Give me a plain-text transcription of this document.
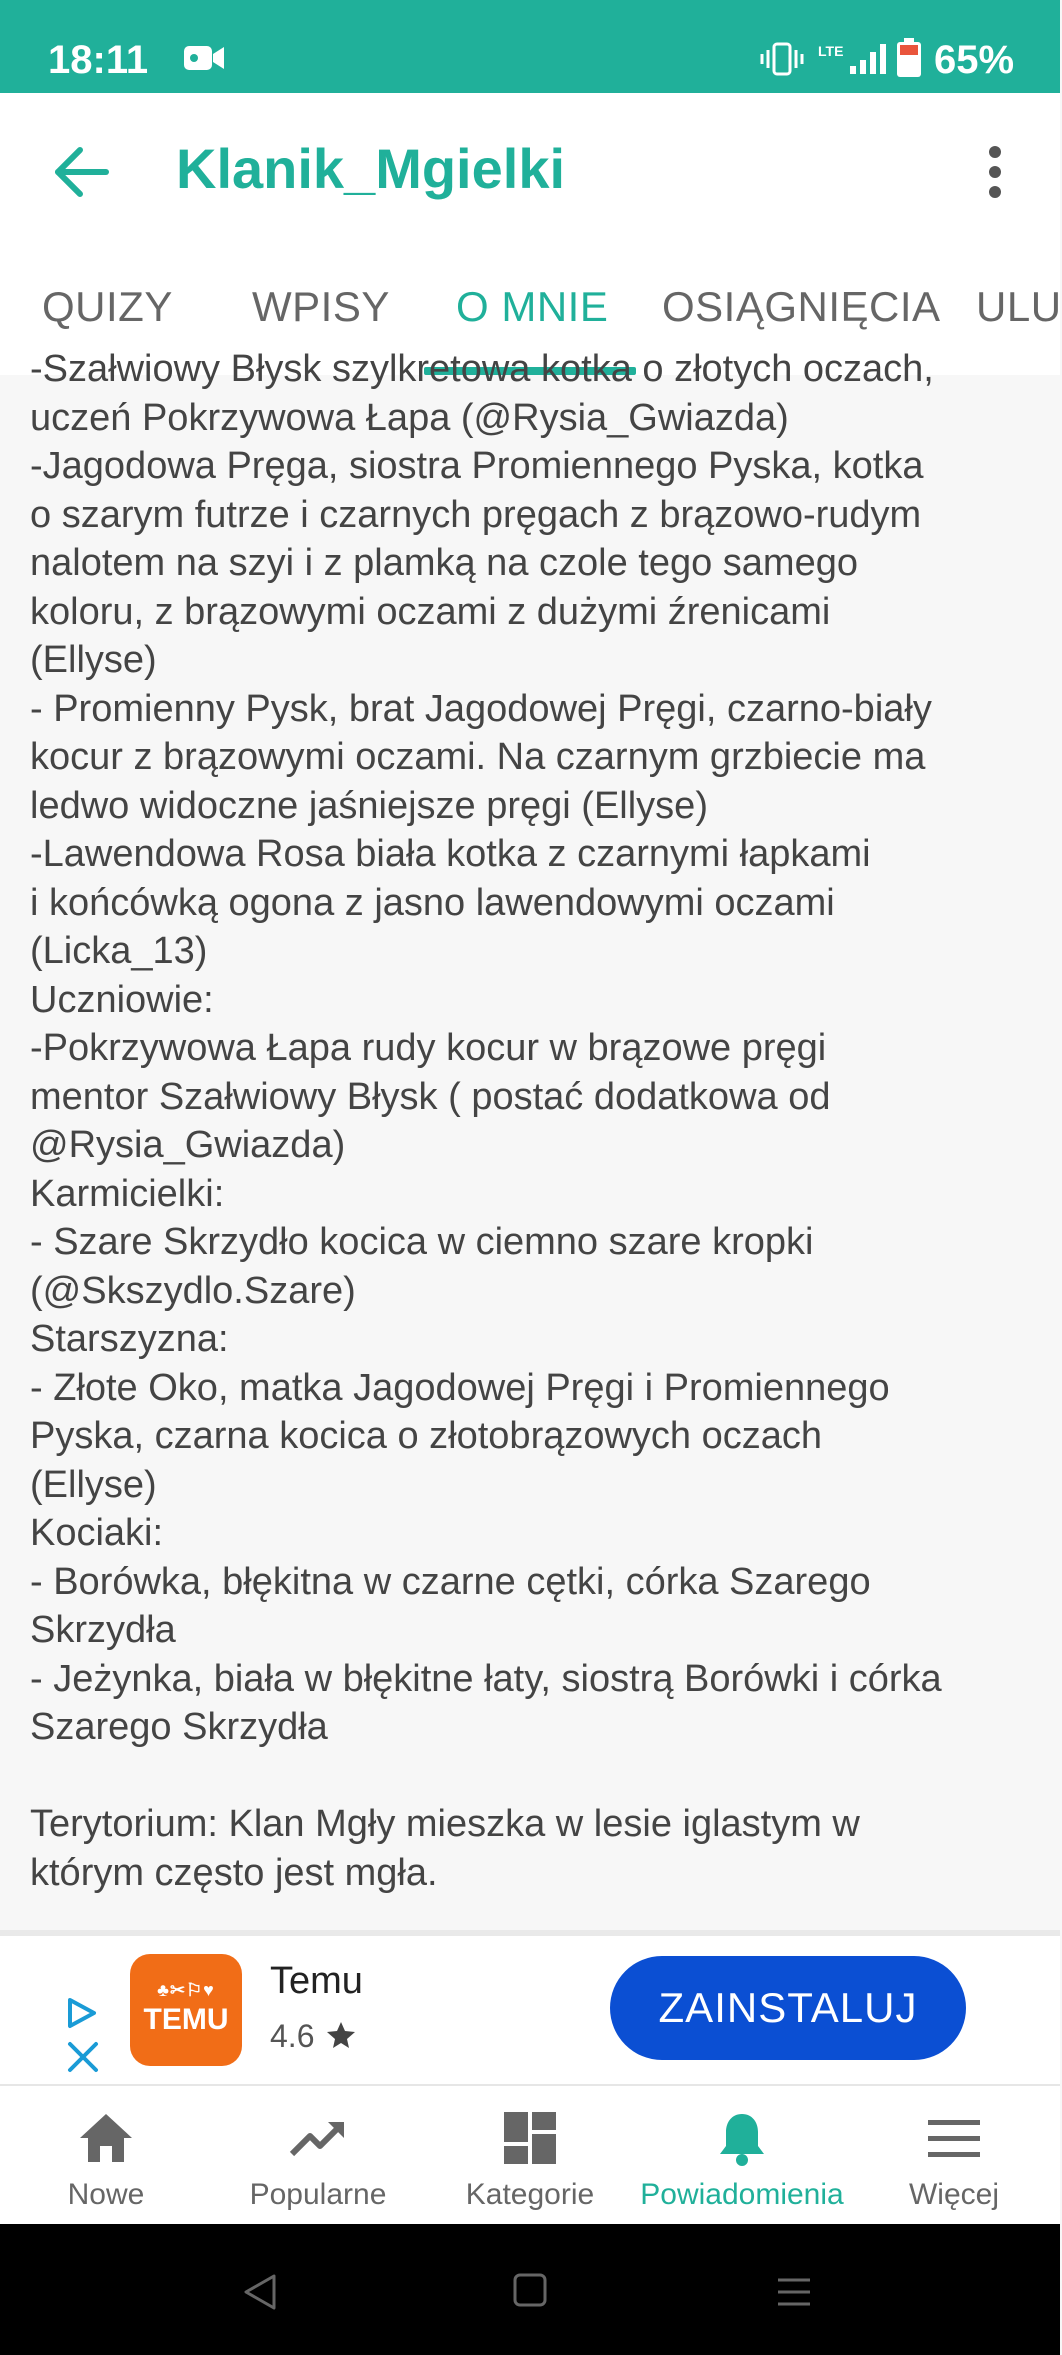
18:11	LTE 65%
Klanik_Mgielki
QUIZY WPISY O MNIE OSIĄGNIĘCIA ULU
-Szałwiowy Błysk szylkretowa kotka o złotych oczach,
uczeń Pokrzywowa Łapa (@Rysia_Gwiazda)
-Jagodowa Pręga, siostra Promiennego Pyska, kotka
o szarym futrze i czarnych pręgach z brązowo-rudym
nalotem na szyi i z plamką na czole tego samego
koloru, z brązowymi oczami z dużymi źrenicami
(Ellyse)
- Promienny Pysk, brat Jagodowej Pręgi, czarno-biały
kocur z brązowymi oczami. Na czarnym grzbiecie ma
ledwo widoczne jaśniejsze pręgi (Ellyse)
-Lawendowa Rosa biała kotka z czarnymi łapkami
i końcówką ogona z jasno lawendowymi oczami
(Licka_13)
Uczniowie:
-Pokrzywowa Łapa rudy kocur w brązowe pręgi
mentor Szałwiowy Błysk ( postać dodatkowa od
@Rysia_Gwiazda)
Karmicielki:
- Szare Skrzydło kocica w ciemno szare kropki
(@Skszydlo.Szare)
Starszyzna:
- Złote Oko, matka Jagodowej Pręgi i Promiennego
Pyska, czarna kocica o złotobrązowych oczach
(Ellyse)
Kociaki:
- Borówka, błękitna w czarne cętki, córka Szarego
Skrzydła
- Jeżynka, biała w błękitne łaty, siostrą Borówki i córka
Szarego Skrzydła
Terytorium: Klan Mgły mieszka w lesie iglastym w
którym często jest mgła.
♣✂⚐♥
TEMU
Temu
4.6
ZAINSTALUJ
Nowe	Popularne	Kategorie	Powiadomienia	Więcej
